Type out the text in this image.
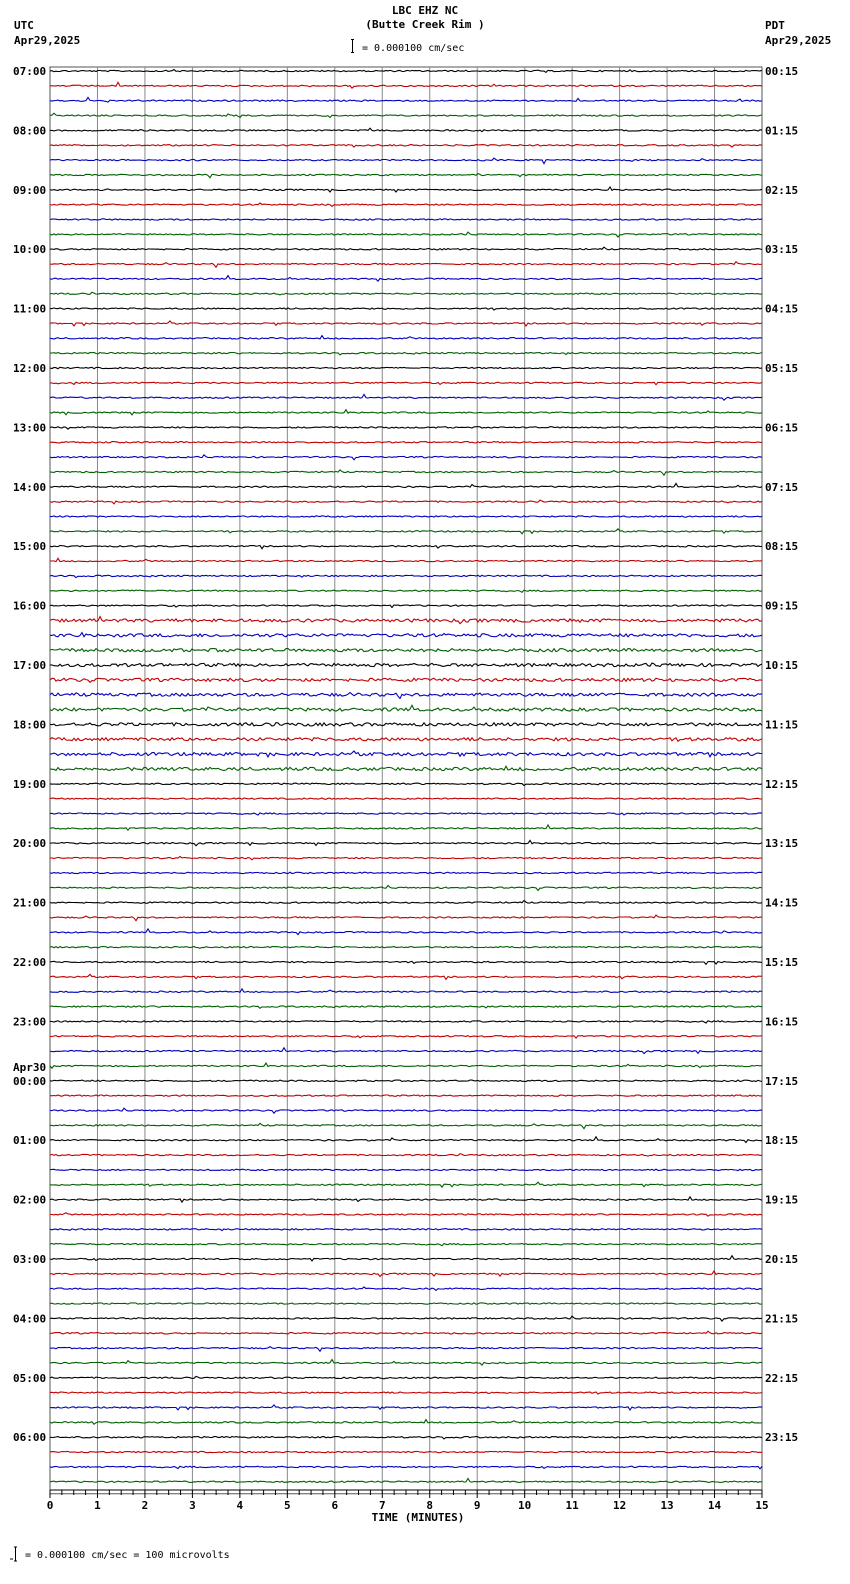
LBC EHZ NC
(Butte Creek Rim )
= 0.000100 cm/sec
UTC
Apr29,2025
PDT
Apr29,2025
07:00
08:00
09:00
10:00
11:00
12:00
13:00
14:00
15:00
16:00
17:00
18:00
19:00
20:00
21:00
22:00
23:00
00:00
Apr30
01:00
02:00
03:00
04:00
05:00
06:00
00:15
01:15
02:15
03:15
04:15
05:15
06:15
07:15
08:15
09:15
10:15
11:15
12:15
13:15
14:15
15:15
16:15
17:15
18:15
19:15
20:15
21:15
22:15
23:15
TIME (MINUTES)
0	1	2	3	4	5	6	7	8	9	10	11	12	13	14	15
= 0.000100 cm/sec = 100 microvolts
